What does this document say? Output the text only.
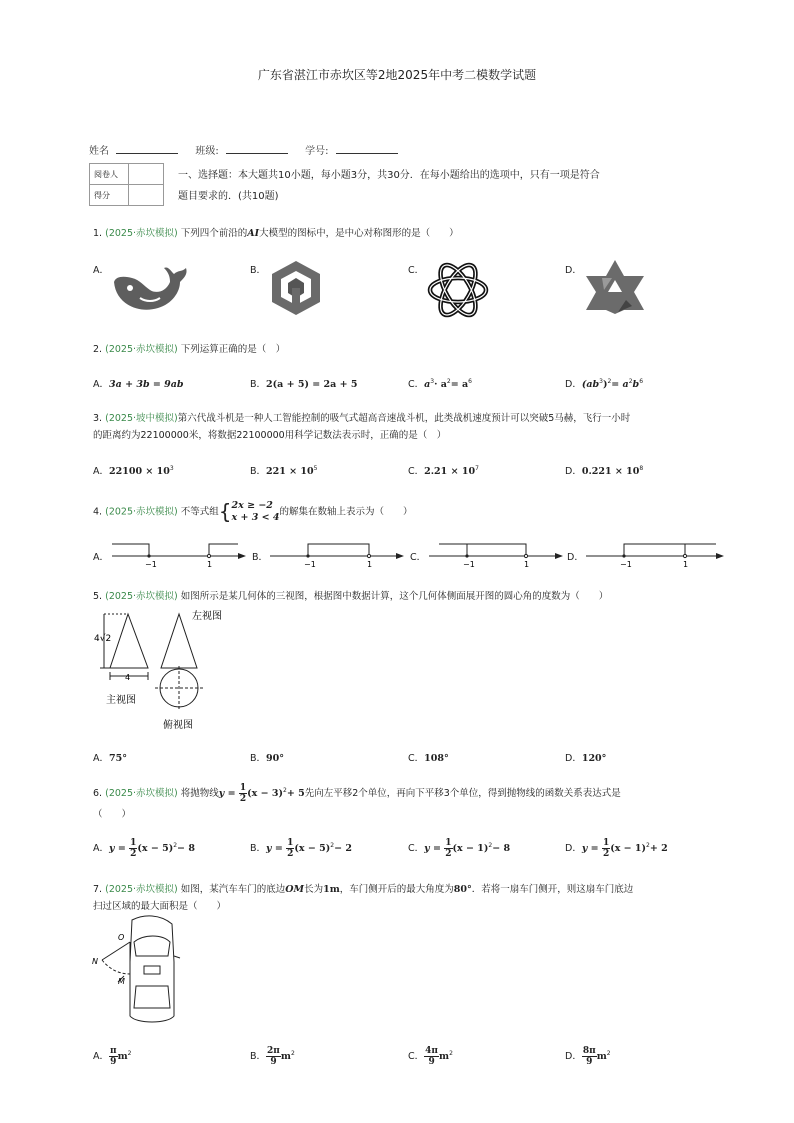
广东省湛江市赤坎区等2地2025年中考二模数学试题
姓名	班级:	学号:
阅卷人	
得分	
一、选择题：本大题共10小题，每小题3分，共30分．在每小题给出的选项中，只有一项是符合
题目要求的．(共10题)
1. (2025·赤坎模拟) 下列四个前沿的AI大模型的图标中，是中心对称图形的是（　　）
A．	B．	C．	D．
2. (2025·赤坎模拟) 下列运算正确的是（　）
A．3a + 3b = 9ab	B．2(a + 5) = 2a + 5	C．$a^3\cdot a^2= a^6$	D．$(ab^3)^2= a^2b^6$
3. (2025·坡中模拟)第六代战斗机是一种人工智能控制的吸气式超高音速战斗机，此类战机速度预计可以突破5马赫，飞行一小时
的距离约为22100000米，将数据22100000用科学记数法表示时，正确的是（　）
A．$22100 \times 10^3$	B．$221 \times 10^5$	C．$2.21 \times 10^7$	D．$0.221 \times 10^8$
4. (2025·赤坎模拟) 不等式组{ 2x ≥ −2
x + 3 < 4 的解集在数轴上表示为（　　）
A．
−1	1
B．
−1	1
C．
−1	1
D．
−1	1
5. (2025·赤坎模拟) 如图所示是某几何体的三视图，根据图中数据计算，这个几何体侧面展开图的圆心角的度数为（　　）
4√2
4
左视图
主视图
俯视图
A．75°	B．90°	C．108°	D．120°
6. (2025·赤坎模拟) 将抛物线$y = \frac{1}{2} (x - 3)^2+ 5$先向左平移2个单位，再向下平移3个单位，得到抛物线的函数关系表达式是
（　　）
A．$y = \frac{1}{2} (x - 5)^2- 8$	B．$y = \frac{1}{2} (x - 5)^2- 2$	C．$y = \frac{1}{2} (x - 1)^2- 8$	D．$y = \frac{1}{2} (x - 1)^2+ 2$
7. (2025·赤坎模拟) 如图，某汽车车门的底边OM长为1m，车门侧开后的最大角度为80°．若将一扇车门侧开，则这扇车门底边
扫过区域的最大面积是（　　）
O
N
M
A． $\frac{\pi}{9} m^2$	B． $\frac{2\pi}{9} m^2$	C． $\frac{4\pi}{9} m^2$	D． $\frac{8\pi}{9} m^2$
